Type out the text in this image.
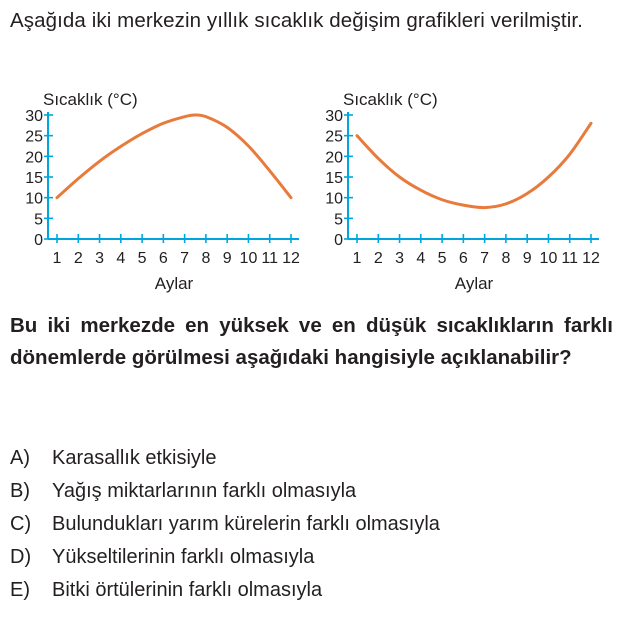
Aşağıda iki merkezin yıllık sıcaklık değişim grafikleri verilmiştir.
Sıcaklık (°C)
0
5
10
15
20
25
30
1 2 3 4 5 6 7 8 9 10 11 12
Aylar
Sıcaklık (°C)
0
5
10
15
20
25
30
1 2 3 4 5 6 7 8 9 10 11 12
Aylar
Bu iki merkezde en yüksek ve en düşük sıcaklıkların farklı dönemlerde görülmesi aşağıdaki hangisiyle açıklanabilir?
A)	Karasallık etkisiyle
B)	Yağış miktarlarının farklı olmasıyla
C)	Bulundukları yarım kürelerin farklı olmasıyla
D)	Yükseltilerinin farklı olmasıyla
E)	Bitki örtülerinin farklı olmasıyla
